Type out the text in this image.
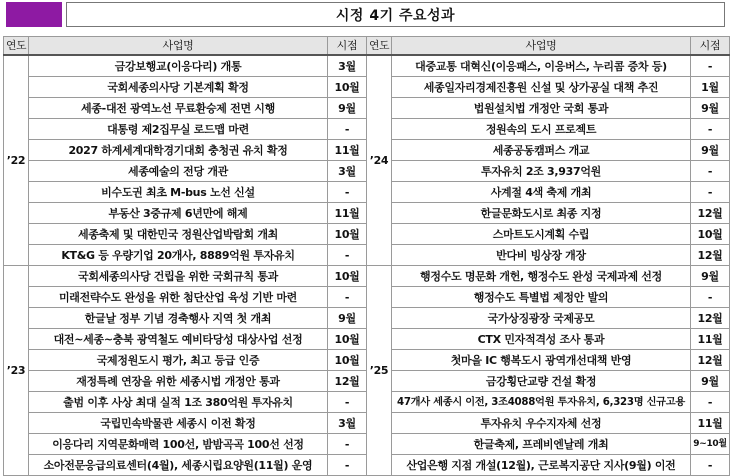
시정 4기 주요성과
연도	사업명	시점	연도	사업명	시점
’22	금강보행교(이응다리) 개통	3월	’24	대중교통 대혁신(이응패스, 이응버스, 누리콤 증차 등)	-
	국회세종의사당 기본계획 확정	10월		세종일자리경제진흥원 신설 및 상가공실 대책 추진	1월
	세종-대전 광역노선 무료환승제 전면 시행	9월		법원설치법 개정안 국회 통과	9월
	대통령 제2집무실 로드맵 마련	-		정원속의 도시 프로젝트	-
	2027 하계세계대학경기대회 충청권 유치 확정	11월		세종공동캠퍼스 개교	9월
	세종예술의 전당 개관	3월		투자유치 2조 3,937억원	-
	비수도권 최초 M-bus 노선 신설	-		사계절 4색 축제 개최	-
	부동산 3중규제 6년만에 해제	11월		한글문화도시로 최종 지정	12월
	세종축제 및 대한민국 정원산업박람회 개최	10월		스마트도시계획 수립	10월
	KT&G 등 우량기업 20개사, 8889억원 투자유치	-		반다비 빙상장 개장	12월
’23	국회세종의사당 건립을 위한 국회규칙 통과	10월	’25	행정수도 명문화 개헌, 행정수도 완성 국제과제 선정	9월
	미래전략수도 완성을 위한 첨단산업 육성 기반 마련	-		행정수도 특별법 제정안 발의	-
	한글날 정부 기념 경축행사 지역 첫 개최	9월		국가상징광장 국제공모	12월
	대전~세종~충북 광역철도 예비타당성 대상사업 선정	10월		CTX 민자적격성 조사 통과	11월
	국제정원도시 평가, 최고 등급 인증	10월		첫마을 IC 행복도시 광역개선대책 반영	12월
	재정특례 연장을 위한 세종시법 개정안 통과	12월		금강횡단교량 건설 확정	9월
	출범 이후 사상 최대 실적 1조 380억원 투자유치	-		47개사 세종시 이전, 3조4088억원 투자유치, 6,323명 신규고용	-
	국립민속박물관 세종시 이전 확정	3월		투자유치 우수지자체 선정	11월
	이응다리 지역문화매력 100선, 밤밤곡곡 100선 선정	-		한글축제, 프레비엔날레 개최	9~10월
	소아전문응급의료센터(4월), 세종시립요양원(11월) 운영	-		산업은행 지점 개설(12월), 근로복지공단 지사(9월) 이전	-
